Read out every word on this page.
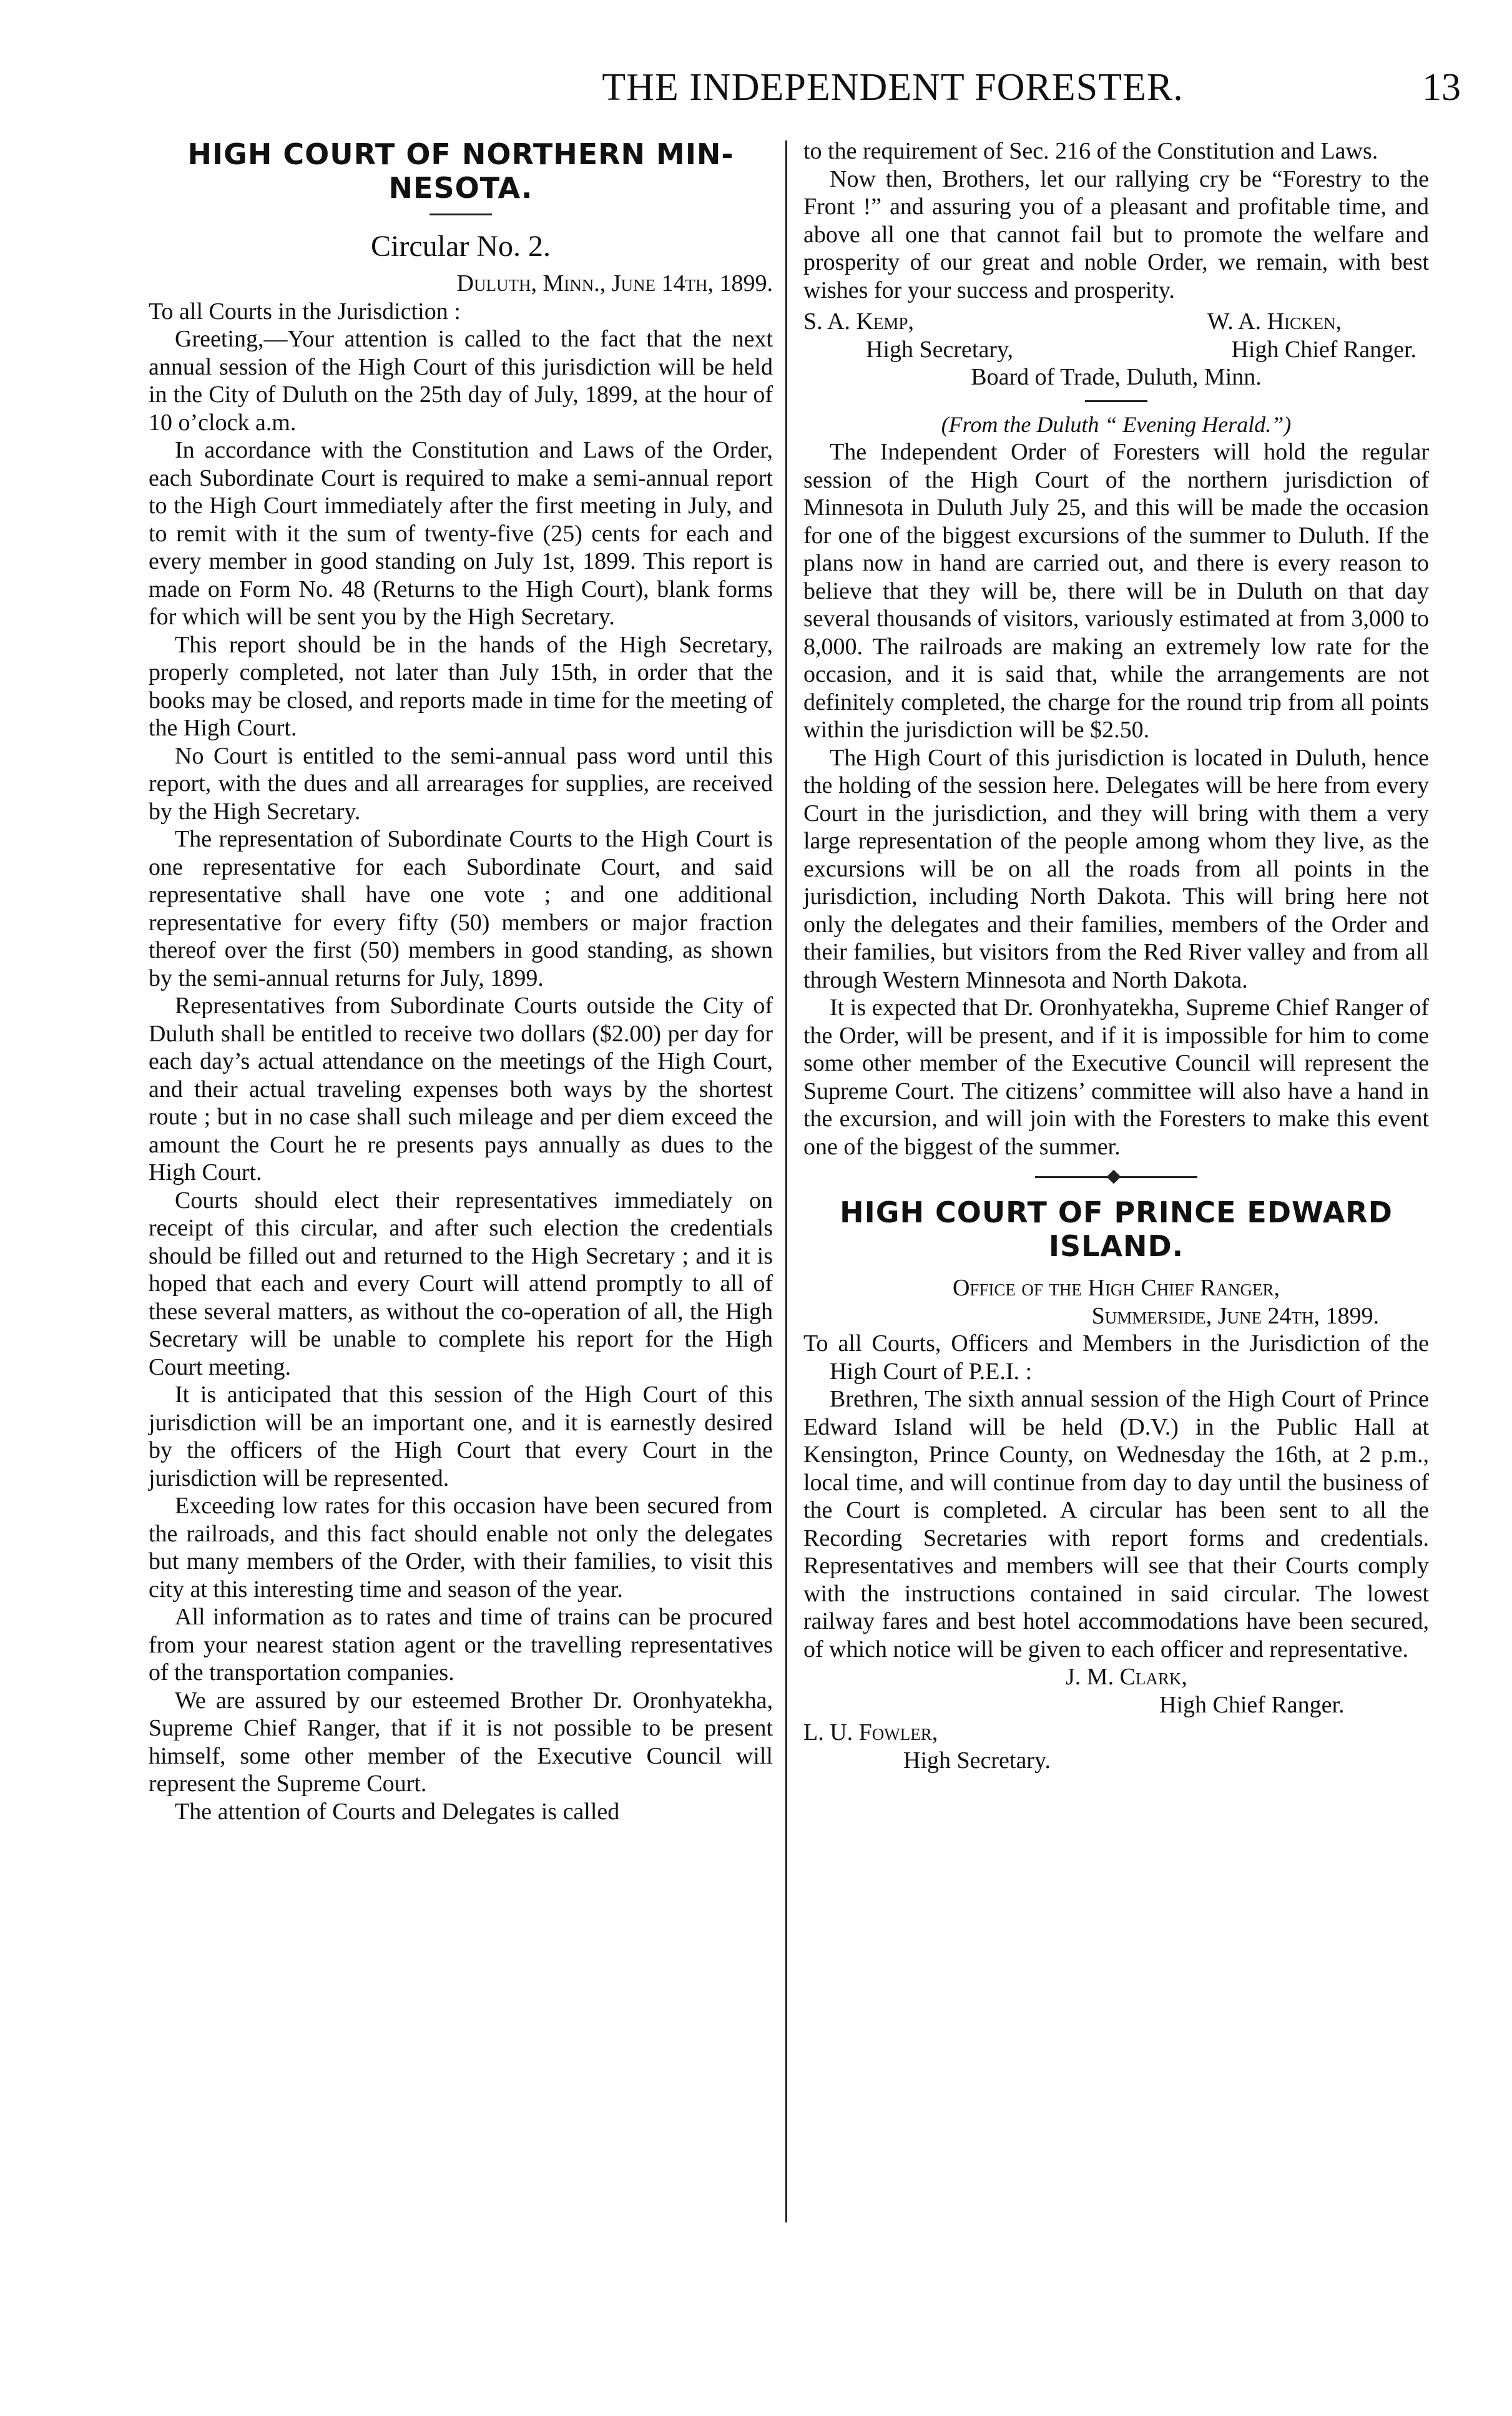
THE INDEPENDENT FORESTER.	13
HIGH COURT OF NORTHERN MIN-NESOTA.
Circular No. 2.
Duluth, Minn., June 14th, 1899.

To all Courts in the Jurisdiction :

Greeting,—Your attention is called to the fact that the next annual session of the High Court of this jurisdiction will be held in the City of Duluth on the 25th day of July, 1899, at the hour of 10 o’clock a.m.

In accordance with the Constitution and Laws of the Order, each Subordinate Court is required to make a semi-annual report to the High Court immediately after the first meeting in July, and to remit with it the sum of twenty-five (25) cents for each and every member in good standing on July 1st, 1899. This report is made on Form No. 48 (Returns to the High Court), blank forms for which will be sent you by the High Secretary.

This report should be in the hands of the High Secretary, properly completed, not later than July 15th, in order that the books may be closed, and reports made in time for the meeting of the High Court.

No Court is entitled to the semi-annual pass word until this report, with the dues and all arrearages for supplies, are received by the High Secretary.

The representation of Subordinate Courts to the High Court is one representative for each Subordinate Court, and said representative shall have one vote ; and one additional representative for every fifty (50) members or major fraction thereof over the first (50) members in good standing, as shown by the semi-annual returns for July, 1899.

Representatives from Subordinate Courts outside the City of Duluth shall be entitled to receive two dollars ($2.00) per day for each day’s actual attendance on the meetings of the High Court, and their actual traveling expenses both ways by the shortest route ; but in no case shall such mileage and per diem exceed the amount the Court he re presents pays annually as dues to the High Court.

Courts should elect their representatives immediately on receipt of this circular, and after such election the credentials should be filled out and returned to the High Secretary ; and it is hoped that each and every Court will attend promptly to all of these several matters, as without the co-operation of all, the High Secretary will be unable to complete his report for the High Court meeting.

It is anticipated that this session of the High Court of this jurisdiction will be an important one, and it is earnestly desired by the officers of the High Court that every Court in the jurisdiction will be represented.

Exceeding low rates for this occasion have been secured from the railroads, and this fact should enable not only the delegates but many members of the Order, with their families, to visit this city at this interesting time and season of the year.

All information as to rates and time of trains can be procured from your nearest station agent or the travelling representatives of the transportation companies.

We are assured by our esteemed Brother Dr. Oronhyatekha, Supreme Chief Ranger, that if it is not possible to be present himself, some other member of the Executive Council will represent the Supreme Court.

The attention of Courts and Delegates is called

to the requirement of Sec. 216 of the Constitution and Laws.

Now then, Brothers, let our rallying cry be “Forestry to the Front !” and assuring you of a pleasant and profitable time, and above all one that cannot fail but to promote the welfare and prosperity of our great and noble Order, we remain, with best wishes for your success and prosperity.

S. A. Kemp,	W. A. Hicken,
High Secretary,	High Chief Ranger.

Board of Trade, Duluth, Minn.

(From the Duluth “ Evening Herald.”)

The Independent Order of Foresters will hold the regular session of the High Court of the northern jurisdiction of Minnesota in Duluth July 25, and this will be made the occasion for one of the biggest excursions of the summer to Duluth. If the plans now in hand are carried out, and there is every reason to believe that they will be, there will be in Duluth on that day several thousands of visitors, variously estimated at from 3,000 to 8,000. The railroads are making an extremely low rate for the occasion, and it is said that, while the arrangements are not definitely completed, the charge for the round trip from all points within the jurisdiction will be $2.50.

The High Court of this jurisdiction is located in Duluth, hence the holding of the session here. Delegates will be here from every Court in the jurisdiction, and they will bring with them a very large representation of the people among whom they live, as the excursions will be on all the roads from all points in the jurisdiction, including North Dakota. This will bring here not only the delegates and their families, members of the Order and their families, but visitors from the Red River valley and from all through Western Minnesota and North Dakota.

It is expected that Dr. Oronhyatekha, Supreme Chief Ranger of the Order, will be present, and if it is impossible for him to come some other member of the Executive Council will represent the Supreme Court. The citizens’ committee will also have a hand in the excursion, and will join with the Foresters to make this event one of the biggest of the summer.

HIGH COURT OF PRINCE EDWARD ISLAND.

Office of the High Chief Ranger,

Summerside, June 24th, 1899.

To all Courts, Officers and Members in the Jurisdiction of the High Court of P.E.I. :

Brethren, The sixth annual session of the High Court of Prince Edward Island will be held (D.V.) in the Public Hall at Kensington, Prince County, on Wednesday the 16th, at 2 p.m., local time, and will continue from day to day until the business of the Court is completed. A circular has been sent to all the Recording Secretaries with report forms and credentials. Representatives and members will see that their Courts comply with the instructions contained in said circular. The lowest railway fares and best hotel accommodations have been secured, of which notice will be given to each officer and representative.

J. M. Clark,

High Chief Ranger.

L. U. Fowler,

High Secretary.
